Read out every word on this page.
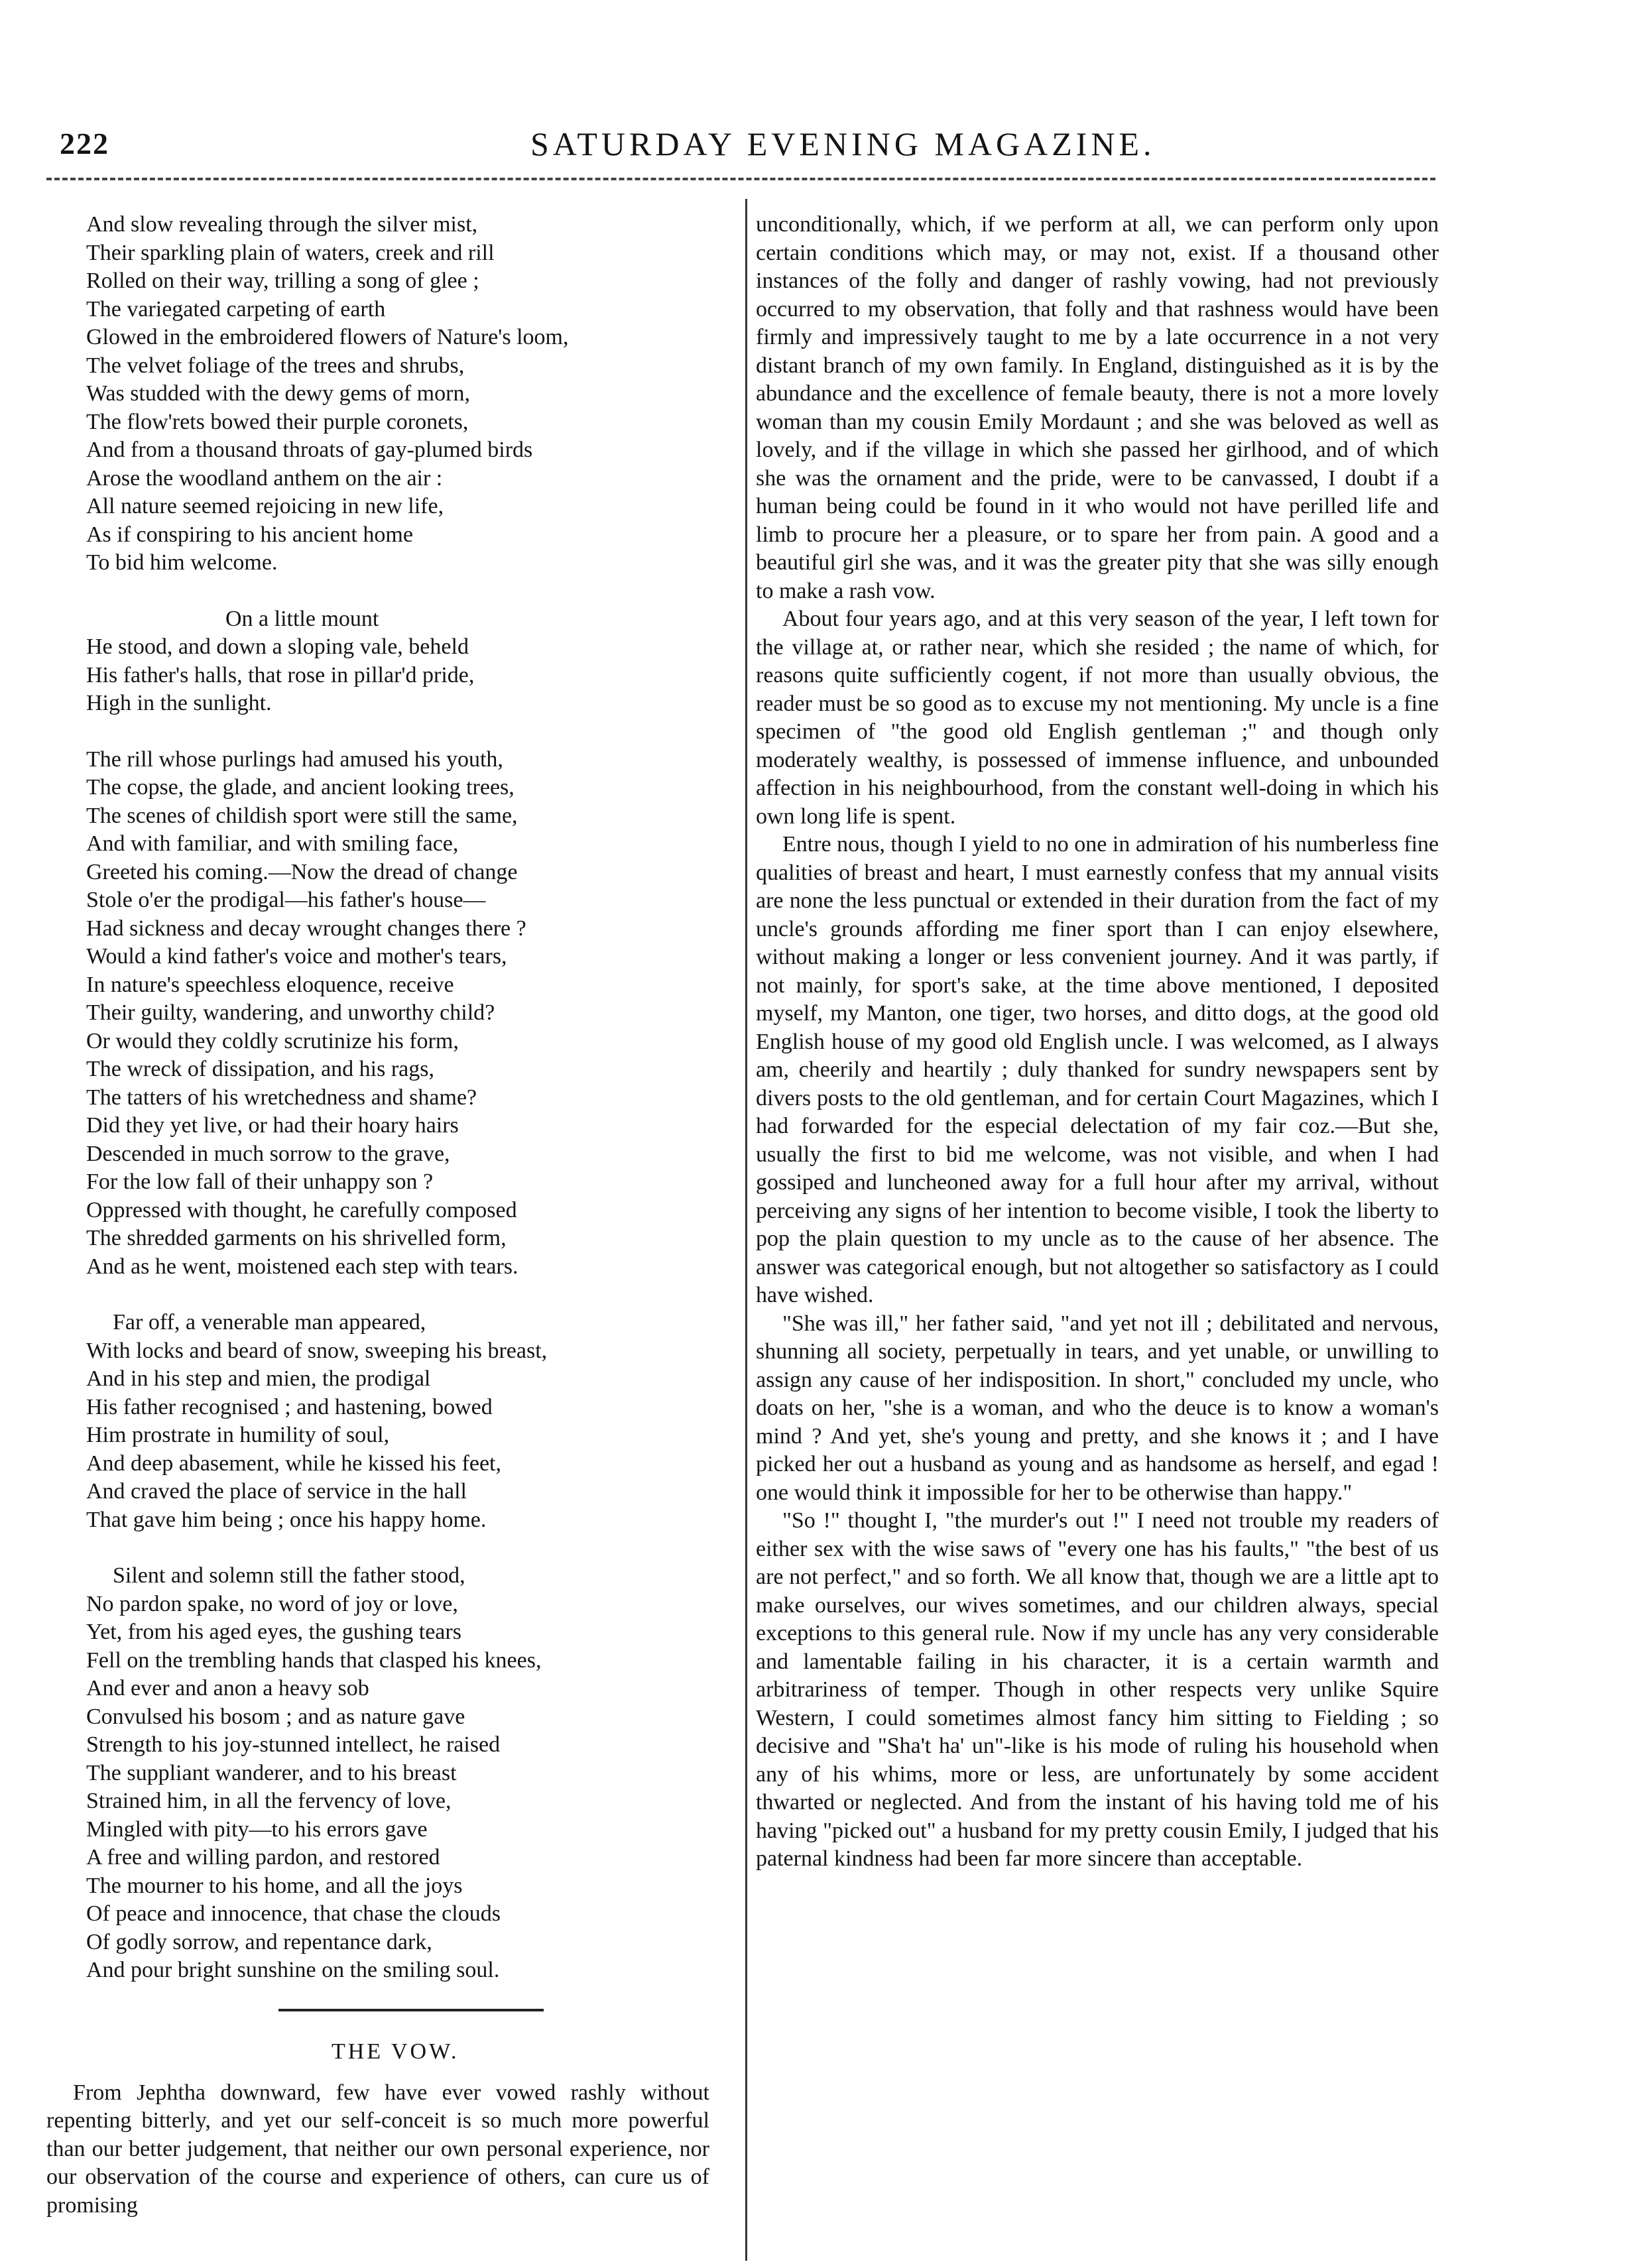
222	SATURDAY EVENING MAGAZINE.
And slow revealing through the silver mist,
Their sparkling plain of waters, creek and rill
Rolled on their way, trilling a song of glee ;
The variegated carpeting of earth
Glowed in the embroidered flowers of Nature's loom,
The velvet foliage of the trees and shrubs,
Was studded with the dewy gems of morn,
The flow'rets bowed their purple coronets,
And from a thousand throats of gay-plumed birds
Arose the woodland anthem on the air :
All nature seemed rejoicing in new life,
As if conspiring to his ancient home
To bid him welcome.
On a little mount
He stood, and down a sloping vale, beheld
His father's halls, that rose in pillar'd pride,
High in the sunlight.
The rill whose purlings had amused his youth,
The copse, the glade, and ancient looking trees,
The scenes of childish sport were still the same,
And with familiar, and with smiling face,
Greeted his coming.—Now the dread of change
Stole o'er the prodigal—his father's house—
Had sickness and decay wrought changes there ?
Would a kind father's voice and mother's tears,
In nature's speechless eloquence, receive
Their guilty, wandering, and unworthy child?
Or would they coldly scrutinize his form,
The wreck of dissipation, and his rags,
The tatters of his wretchedness and shame?
Did they yet live, or had their hoary hairs
Descended in much sorrow to the grave,
For the low fall of their unhappy son ?
Oppressed with thought, he carefully composed
The shredded garments on his shrivelled form,
And as he went, moistened each step with tears.
Far off, a venerable man appeared,
With locks and beard of snow, sweeping his breast,
And in his step and mien, the prodigal
His father recognised ; and hastening, bowed
Him prostrate in humility of soul,
And deep abasement, while he kissed his feet,
And craved the place of service in the hall
That gave him being ; once his happy home.
Silent and solemn still the father stood,
No pardon spake, no word of joy or love,
Yet, from his aged eyes, the gushing tears
Fell on the trembling hands that clasped his knees,
And ever and anon a heavy sob
Convulsed his bosom ; and as nature gave
Strength to his joy-stunned intellect, he raised
The suppliant wanderer, and to his breast
Strained him, in all the fervency of love,
Mingled with pity—to his errors gave
A free and willing pardon, and restored
The mourner to his home, and all the joys
Of peace and innocence, that chase the clouds
Of godly sorrow, and repentance dark,
And pour bright sunshine on the smiling soul.
THE VOW.

From Jephtha downward, few have ever vowed rashly without repenting bitterly, and yet our self-conceit is so much more powerful than our better judgement, that neither our own personal experience, nor our observation of the course and experience of others, can cure us of promising

unconditionally, which, if we perform at all, we can perform only upon certain conditions which may, or may not, exist. If a thousand other instances of the folly and danger of rashly vowing, had not previously occurred to my observation, that folly and that rashness would have been firmly and impressively taught to me by a late occurrence in a not very distant branch of my own family. In England, distinguished as it is by the abundance and the excellence of female beauty, there is not a more lovely woman than my cousin Emily Mordaunt ; and she was beloved as well as lovely, and if the village in which she passed her girlhood, and of which she was the ornament and the pride, were to be canvassed, I doubt if a human being could be found in it who would not have perilled life and limb to procure her a pleasure, or to spare her from pain. A good and a beautiful girl she was, and it was the greater pity that she was silly enough to make a rash vow.

About four years ago, and at this very season of the year, I left town for the village at, or rather near, which she resided ; the name of which, for reasons quite sufficiently cogent, if not more than usually obvious, the reader must be so good as to excuse my not mentioning. My uncle is a fine specimen of "the good old English gentleman ;" and though only moderately wealthy, is possessed of immense influence, and unbounded affection in his neighbourhood, from the constant well-doing in which his own long life is spent.

Entre nous, though I yield to no one in admiration of his numberless fine qualities of breast and heart, I must earnestly confess that my annual visits are none the less punctual or extended in their duration from the fact of my uncle's grounds affording me finer sport than I can enjoy elsewhere, without making a longer or less convenient journey. And it was partly, if not mainly, for sport's sake, at the time above mentioned, I deposited myself, my Manton, one tiger, two horses, and ditto dogs, at the good old English house of my good old English uncle. I was welcomed, as I always am, cheerily and heartily ; duly thanked for sundry newspapers sent by divers posts to the old gentleman, and for certain Court Magazines, which I had forwarded for the especial delectation of my fair coz.—But she, usually the first to bid me welcome, was not visible, and when I had gossiped and luncheoned away for a full hour after my arrival, without perceiving any signs of her intention to become visible, I took the liberty to pop the plain question to my uncle as to the cause of her absence. The answer was categorical enough, but not altogether so satisfactory as I could have wished.

"She was ill," her father said, "and yet not ill ; debilitated and nervous, shunning all society, perpetually in tears, and yet unable, or unwilling to assign any cause of her indisposition. In short," concluded my uncle, who doats on her, "she is a woman, and who the deuce is to know a woman's mind ? And yet, she's young and pretty, and she knows it ; and I have picked her out a husband as young and as handsome as herself, and egad ! one would think it impossible for her to be otherwise than happy."

"So !" thought I, "the murder's out !" I need not trouble my readers of either sex with the wise saws of "every one has his faults," "the best of us are not perfect," and so forth. We all know that, though we are a little apt to make ourselves, our wives sometimes, and our children always, special exceptions to this general rule. Now if my uncle has any very considerable and lamentable failing in his character, it is a certain warmth and arbitrariness of temper. Though in other respects very unlike Squire Western, I could sometimes almost fancy him sitting to Fielding ; so decisive and "Sha't ha' un"-like is his mode of ruling his household when any of his whims, more or less, are unfortunately by some accident thwarted or neglected. And from the instant of his having told me of his having "picked out" a husband for my pretty cousin Emily, I judged that his paternal kindness had been far more sincere than acceptable.
